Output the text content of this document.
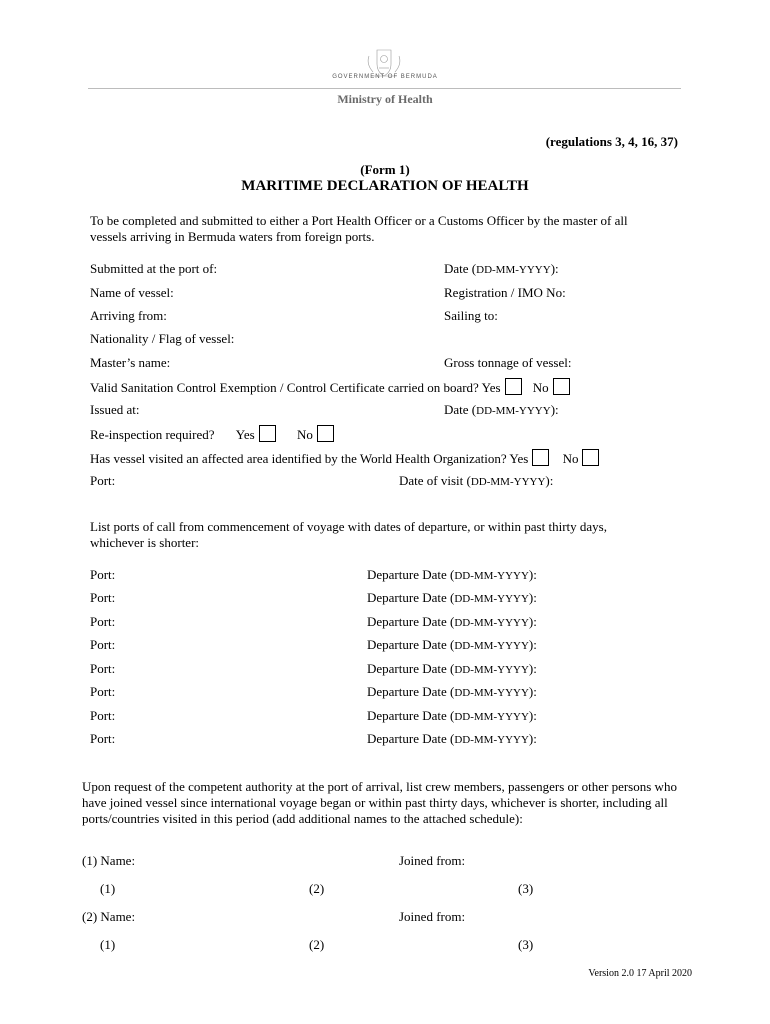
GOVERNMENT OF BERMUDA
Ministry of Health
(regulations 3, 4, 16, 37)
(Form 1)
MARITIME DECLARATION OF HEALTH
To be completed and submitted to either a Port Health Officer or a Customs Officer by the master of all
vessels arriving in Bermuda waters from foreign ports.
Submitted at the port of:	Date (DD-MM-YYYY):
Name of vessel:	Registration / IMO No:
Arriving from:	Sailing to:
Nationality / Flag of vessel:
Master’s name:	Gross tonnage of vessel:
Valid Sanitation Control Exemption / Control Certificate carried on board? Yes No
Issued at:	Date (DD-MM-YYYY):
Re-inspection required? Yes	No
Has vessel visited an affected area identified by the World Health Organization? Yes	No
Port:	Date of visit (DD-MM-YYYY):
List ports of call from commencement of voyage with dates of departure, or within past thirty days,
whichever is shorter:
Port:	Departure Date (DD-MM-YYYY):
Port:	Departure Date (DD-MM-YYYY):
Port:	Departure Date (DD-MM-YYYY):
Port:	Departure Date (DD-MM-YYYY):
Port:	Departure Date (DD-MM-YYYY):
Port:	Departure Date (DD-MM-YYYY):
Port:	Departure Date (DD-MM-YYYY):
Port:	Departure Date (DD-MM-YYYY):
Upon request of the competent authority at the port of arrival, list crew members, passengers or other persons who
have joined vessel since international voyage began or within past thirty days, whichever is shorter, including all
ports/countries visited in this period (add additional names to the attached schedule):
(1) Name:	Joined from:
(1)	(2)	(3)
(2) Name:	Joined from:
(1)	(2)	(3)
Version 2.0 17 April 2020
